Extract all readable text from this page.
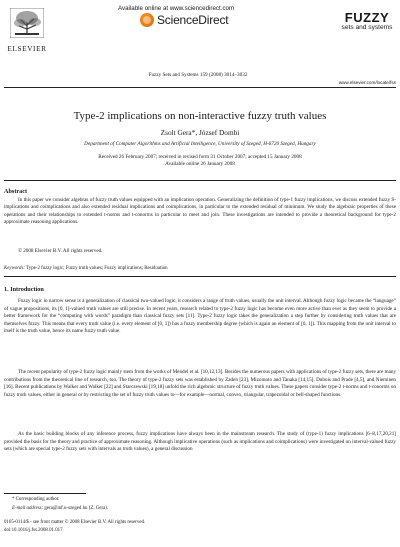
ELSEVIER
Available online at www.sciencedirect.com
ScienceDirect
Fuzzy Sets and Systems 159 (2008) 3014–3032
FUZZY
sets and systems
www.elsevier.com/locate/fss
Type-2 implications on non-interactive fuzzy truth values
Zsolt Gera*, József Dombi
Department of Computer Algorithms and Artificial Intelligence, University of Szeged, H-6720 Szeged, Hungary
Received 26 February 2007; received in revised form 31 October 2007; accepted 15 January 2008
Available online 26 January 2008
Abstract
In this paper we consider algebras of fuzzy truth values equipped with an implication operation. Generalizing the definition of type-1 fuzzy implications, we discuss extended fuzzy S-implications and coimplications and also extended residual implications and coimplications, in particular to the extended residual of minimum. We study the algebraic properties of these operations and their relationships to extended t-norms and t-conorms in particular to meet and join. These investigations are intended to provide a theoretical background for type-2 approximate reasoning applications.
© 2008 Elsevier B.V. All rights reserved.
Keywords: Type-2 fuzzy logic; Fuzzy truth values; Fuzzy implications; Residuation
1. Introduction
Fuzzy logic in narrow sense is a generalization of classical two-valued logic, it considers a range of truth values, usually the unit interval. Although fuzzy logic became the “language” of vague propositions, its [0, 1]-valued truth values are still precise. In recent years, research related to type-2 fuzzy logic has become even more active than ever as they seem to provide a better framework for the “computing with words” paradigm than classical fuzzy sets [11]. Type-2 fuzzy logic takes the generalization a step further by considering truth values that are themselves fuzzy. This means that every truth value (i.e. every element of [0, 1]) has a fuzzy membership degree (which is again an element of [0, 1]). This mapping from the unit interval to itself is the truth value, hence its name fuzzy truth value.
The recent popularity of type-2 fuzzy logic mainly stem from the works of Mendel et al. [10,12,13]. Besides the numerous papers with applications of type-2 fuzzy sets, there are many contributions from the theoretical line of research, too. The theory of type-2 fuzzy sets was established by Zadeh [23], Mizomoto and Tanaka [14,15], Dubois and Prade [4,5], and Nieminen [16]. Recent publications by Walker and Walker [22] and Starczewski [19,18] unfold the rich algebraic structure of fuzzy truth values. These papers consider type-2 t-norms and t-conorms on fuzzy truth values, either in general or by restricting the set of fuzzy truth values to—for example—normal, convex, triangular, trapezoidal or bell-shaped functions.
As the basic building blocks of any inference process, fuzzy implications have always been in the mainstream research. The study of (type-1) fuzzy implications [6–8,17,20,21] provided the basis for the theory and practice of approximate reasoning. Although implicative operations (such as implications and coimplications) were investigated on interval-valued fuzzy sets (which are special type-2 fuzzy sets with intervals as truth values), a general discussion
* Corresponding author.
E-mail address: gera@inf.u-szeged.hu (Z. Gera).
0165-0114/$ - see front matter © 2008 Elsevier B.V. All rights reserved.
doi:10.1016/j.fss.2008.01.017
